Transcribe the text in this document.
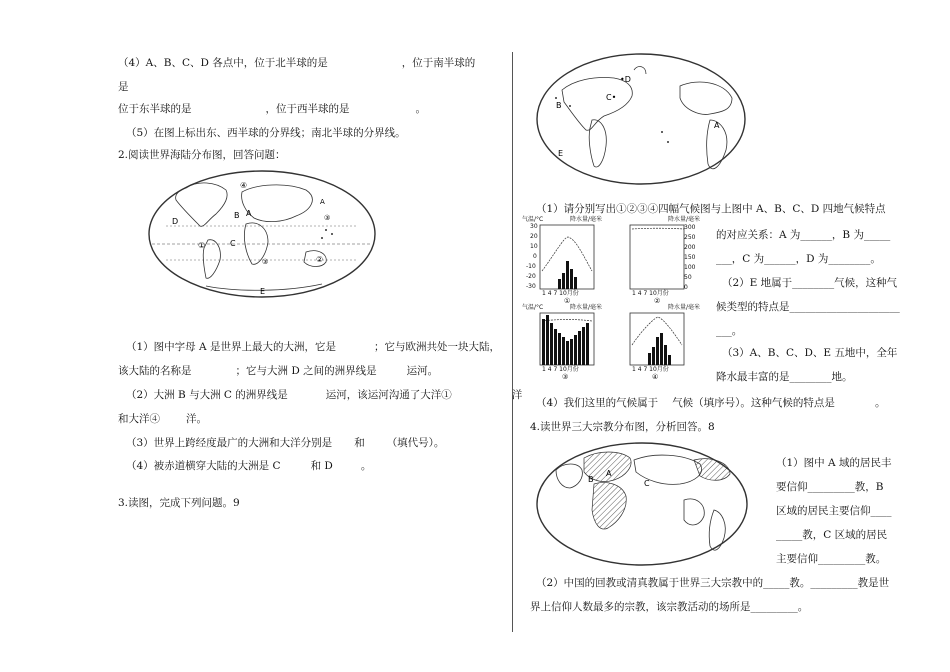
（4）A、B、C、D 各点中，位于北半球的是	，位于南半球的
是
位于东半球的是	，位于西半球的是	。
（5）在图上标出东、西半球的分界线；南北半球的分界线。
2.阅读世界海陆分布图，回答问题：
④
A
③
D
B A
C
①
②
③
E
（1）图中字母 A 是世界上最大的大洲，它是	；它与欧洲共处一块大陆，
该大陆的名称是	；它与大洲 D 之间的洲界线是	运河。
（2）大洲 B 与大洲 C 的洲界线是	运河，该运河沟通了大洋①	洋
和大洋④ 洋。
（3）世界上跨经度最广的大洲和大洋分别是 和 （填代号）。
（4）被赤道横穿大陆的大洲是 C	和 D	。
3.读图，完成下列问题。9
•D
C•
B
A
E
气温/°C	降水量/毫米
30
20
10
0
-10
-20
-30
1 4 7 10月份
①
降水量/毫米
300
250
200
150
100
50
0
1 4 7 10月份
②
气温/°C	降水量/毫米
1 4 7 10月份
③
降水量/毫米
1 4 7 10月份
④
（1）请分别写出①②③④四幅气候图与上图中 A、B、C、D 四地气候特点
的对应关系：A 为______，B 为_____
___，C 为______，D 为________。
（2）E 地属于________气候，这种气
候类型的特点是_____________________
___。
（3）A、B、C、D、E 五地中，全年
降水最丰富的是________地。
（4）我们这里的气候属于 气候（填序号）。这种气候的特点是	。
4.读世界三大宗教分布图，分析回答。8
B
A
C
（1）图中 A 域的居民丰
要信仰_________教，B
区域的居民主要信仰____
_____教，C 区域的居民
主要信仰_________教。
（2）中国的回教或清真教属于世界三大宗教中的_____教。_________教是世
界上信仰人数最多的宗教，该宗教活动的场所是_________。
